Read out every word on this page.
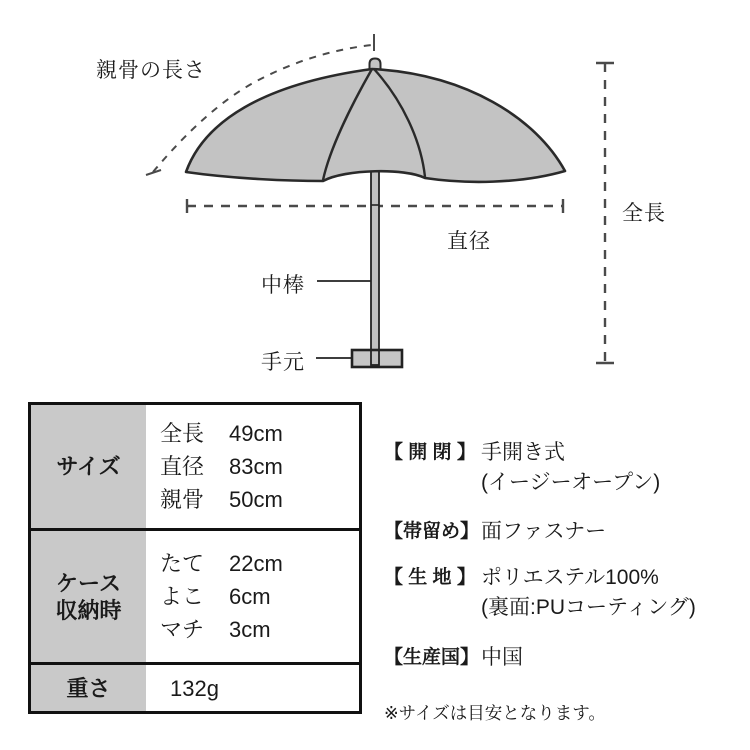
親骨の長さ
中棒
手元
直径
全長
サイズ
全長	49cm
直径	83cm
親骨	50cm
ケース
収納時
たて	22cm
よこ	6cm
マチ	3cm
重さ	132g
【 開 閉 】 手開き式
(イージーオープン)
【帯留め】 面ファスナー
【 生 地 】 ポリエステル100%
(裏面:PUコーティング)
【生産国】 中国
※サイズは目安となります。
